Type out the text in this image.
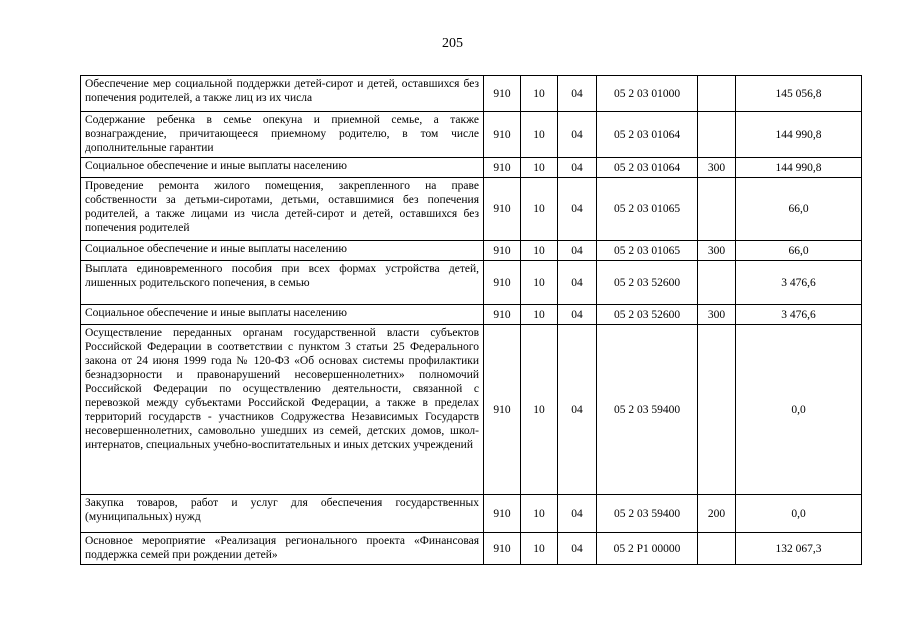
205
Обеспечение мер социальной поддержки детей-сирот и детей, оставшихся без попечения родителей, а также лиц из их числа	910	10	04	05 2 03 01000		145 056,8
Содержание ребенка в семье опекуна и приемной семье, а также вознаграждение, причитающееся приемному родителю, в том числе дополнительные гарантии	910	10	04	05 2 03 01064		144 990,8
Социальное обеспечение и иные выплаты населению	910	10	04	05 2 03 01064	300	144 990,8
Проведение ремонта жилого помещения, закрепленного на праве собственности за детьми-сиротами, детьми, оставшимися без попечения родителей, а также лицами из числа детей-сирот и детей, оставшихся без попечения родителей	910	10	04	05 2 03 01065		66,0
Социальное обеспечение и иные выплаты населению	910	10	04	05 2 03 01065	300	66,0
Выплата единовременного пособия при всех формах устройства детей, лишенных родительского попечения, в семью	910	10	04	05 2 03 52600		3 476,6
Социальное обеспечение и иные выплаты населению	910	10	04	05 2 03 52600	300	3 476,6
Осуществление переданных органам государственной власти субъектов Российской Федерации в соответствии с пунктом 3 статьи 25 Федерального закона от 24 июня 1999 года № 120-ФЗ «Об основах системы профилактики безнадзорности и правонарушений несовершеннолетних» полномочий Российской Федерации по осуществлению деятельности, связанной с перевозкой между субъектами Российской Федерации, а также в пределах территорий государств - участников Содружества Независимых Государств несовершеннолетних, самовольно ушедших из семей, детских домов, школ-интернатов, специальных учебно-воспитательных и иных детских учреждений	910	10	04	05 2 03 59400		0,0
Закупка товаров, работ и услуг для обеспечения государственных (муниципальных) нужд	910	10	04	05 2 03 59400	200	0,0
Основное мероприятие «Реализация регионального проекта «Финансовая поддержка семей при рождении детей»	910	10	04	05 2 P1 00000		132 067,3
